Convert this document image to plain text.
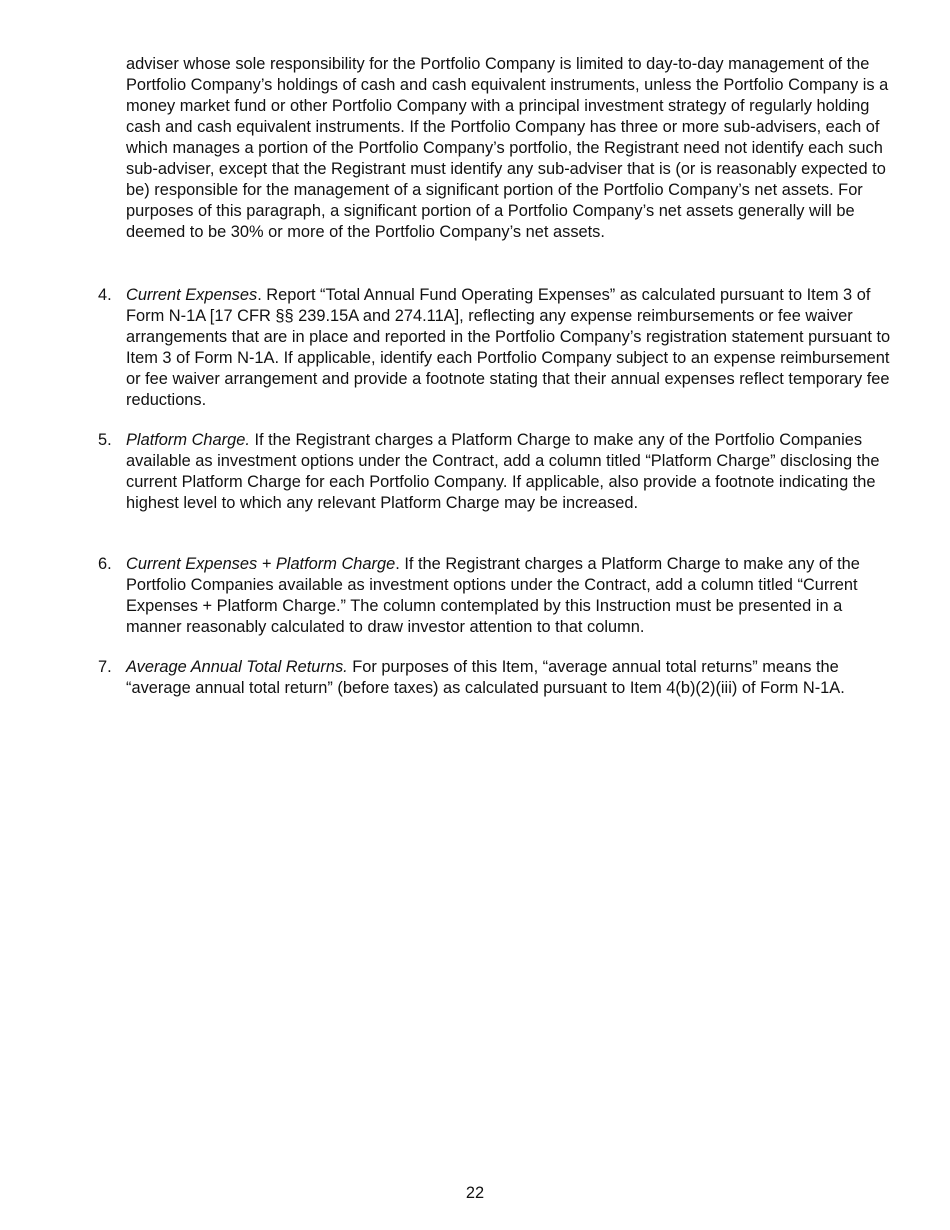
adviser whose sole responsibility for the Portfolio Company is limited to day-to-day management of the Portfolio Company’s holdings of cash and cash equivalent instruments, unless the Portfolio Company is a money market fund or other Portfolio Company with a principal investment strategy of regularly holding cash and cash equivalent instruments. If the Portfolio Company has three or more sub-advisers, each of which manages a portion of the Portfolio Company’s portfolio, the Registrant need not identify each such sub-adviser, except that the Registrant must identify any sub-adviser that is (or is reasonably expected to be) responsible for the management of a significant portion of the Portfolio Company’s net assets. For purposes of this paragraph, a significant portion of a Portfolio Company’s net assets generally will be deemed to be 30% or more of the Portfolio Company’s net assets.

4. Current Expenses. Report “Total Annual Fund Operating Expenses” as calculated pursuant to Item 3 of Form N-1A [17 CFR §§ 239.15A and 274.11A], reflecting any expense reimbursements or fee waiver arrangements that are in place and reported in the Portfolio Company’s registration statement pursuant to Item 3 of Form N-1A. If applicable, identify each Portfolio Company subject to an expense reimbursement or fee waiver arrangement and provide a footnote stating that their annual expenses reflect temporary fee reductions.
5. Platform Charge. If the Registrant charges a Platform Charge to make any of the Portfolio Companies available as investment options under the Contract, add a column titled “Platform Charge” disclosing the current Platform Charge for each Portfolio Company. If applicable, also provide a footnote indicating the highest level to which any relevant Platform Charge may be increased.
6. Current Expenses + Platform Charge. If the Registrant charges a Platform Charge to make any of the Portfolio Companies available as investment options under the Contract, add a column titled “Current Expenses + Platform Charge.” The column contemplated by this Instruction must be presented in a manner reasonably calculated to draw investor attention to that column.
7. Average Annual Total Returns. For purposes of this Item, “average annual total returns” means the “average annual total return” (before taxes) as calculated pursuant to Item 4(b)(2)(iii) of Form N-1A.
22
